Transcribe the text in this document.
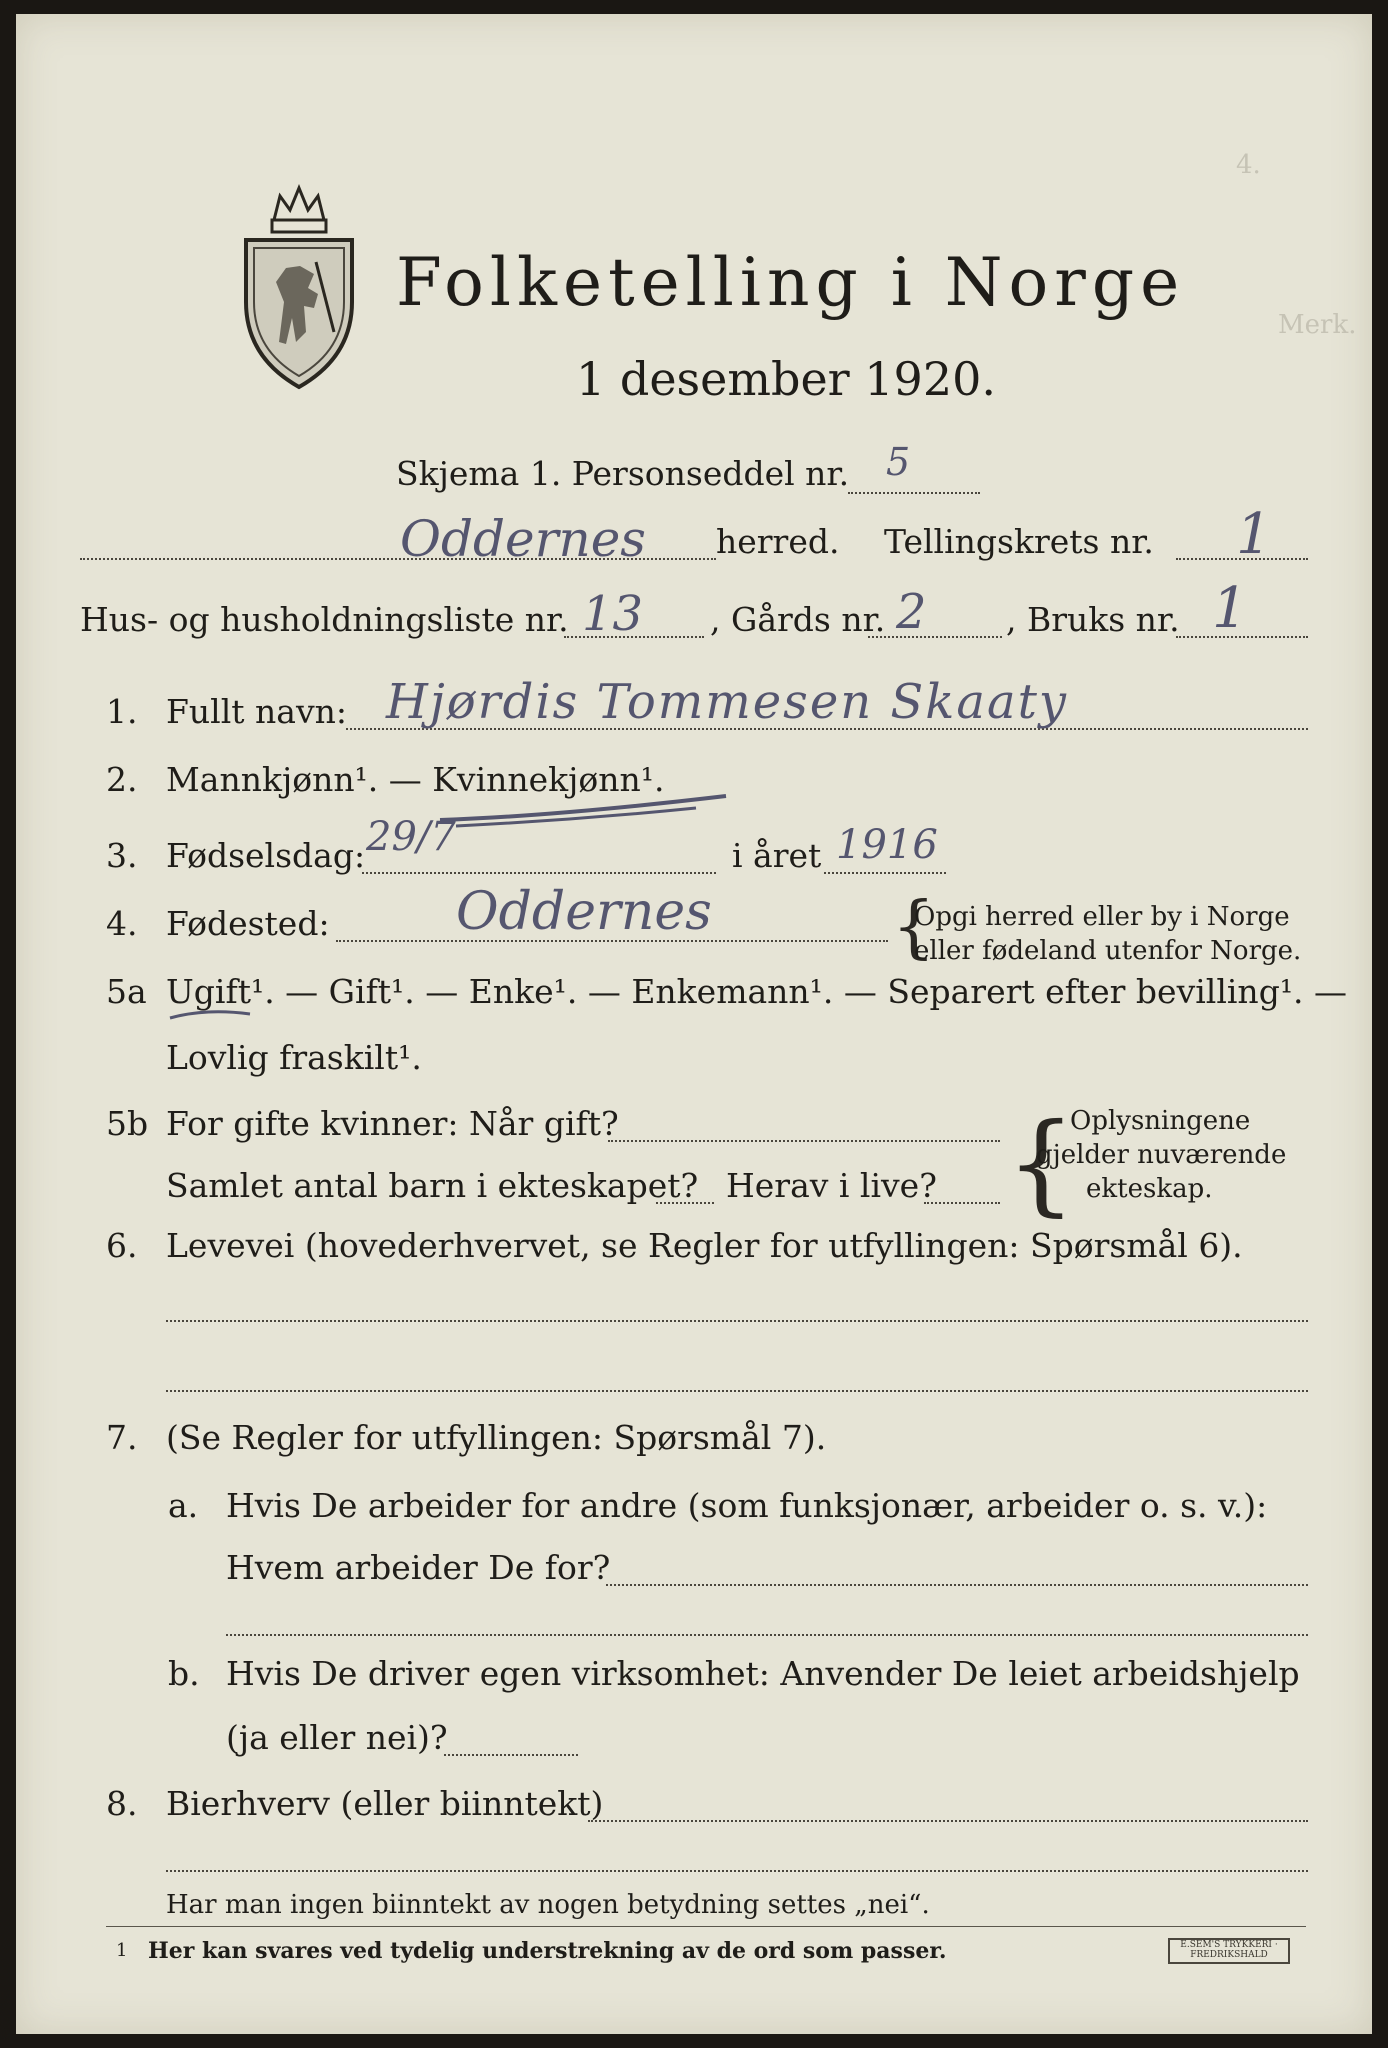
4.
Merk.
Folketelling i Norge
1 desember 1920.
Skjema 1. Personseddel nr. 5
Oddernes herred. Tellingskrets nr. 1
Hus- og husholdningsliste nr. 13 , Gårds nr. 2 , Bruks nr. 1
1. Fullt navn: Hjørdis Tommesen Skaaty
2. Mannkjønn¹. — Kvinnekjønn¹.
3. Fødselsdag: 29/7	i året 1916
4. Fødested: Oddernes	{
Opgi herred eller by i Norge
eller fødeland utenfor Norge.
5a Ugift¹. — Gift¹. — Enke¹. — Enkemann¹. — Separert efter bevilling¹. —
Lovlig fraskilt¹.
5b For gifte kvinner: Når gift?
Samlet antal barn i ekteskapet? Herav i live? {
Oplysningene
gjelder nuværende
ekteskap.
6. Levevei (hovederhvervet, se Regler for utfyllingen: Spørsmål 6).
7. (Se Regler for utfyllingen: Spørsmål 7).
a. Hvis De arbeider for andre (som funksjonær, arbeider o. s. v.):
Hvem arbeider De for?
b. Hvis De driver egen virksomhet: Anvender De leiet arbeidshjelp
(ja eller nei)?
8. Bierhverv (eller biinntekt)
Har man ingen biinntekt av nogen betydning settes „nei“.
1 Her kan svares ved tydelig understrekning av de ord som passer.	E.SEM'S TRYKKERI · FREDRIKSHALD
